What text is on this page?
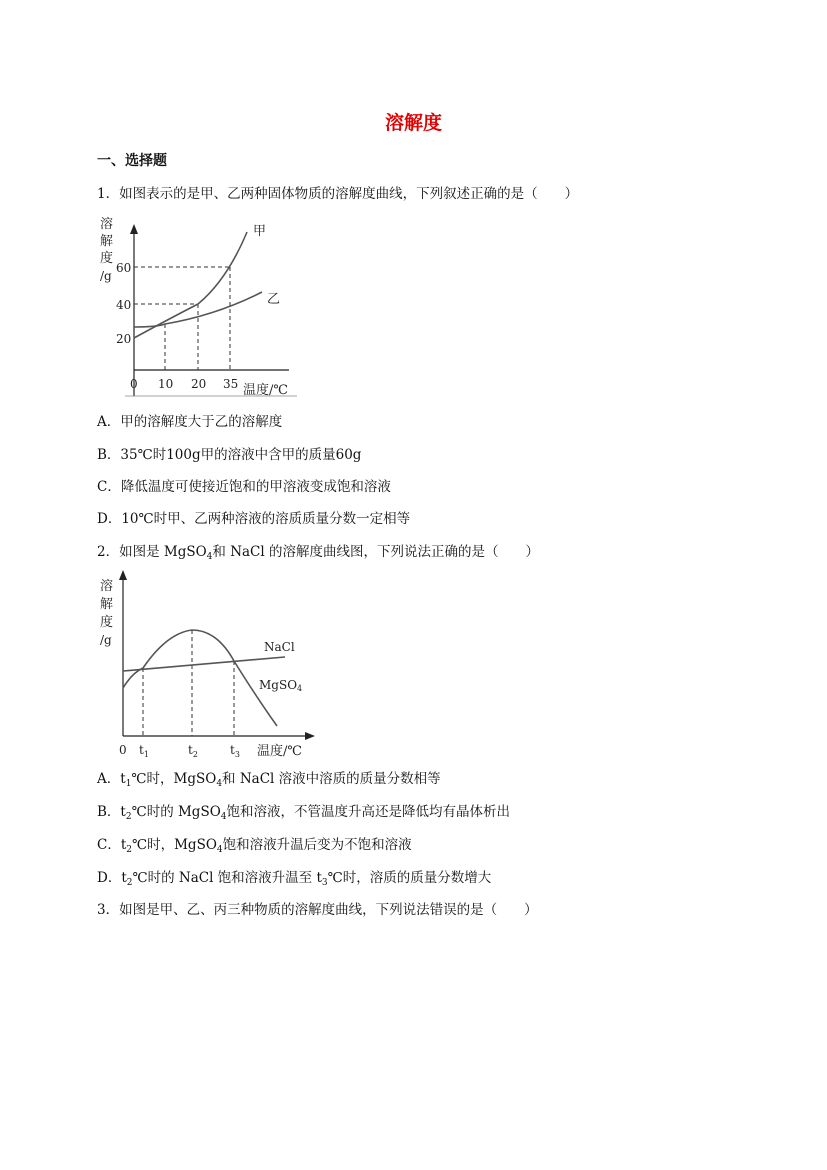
溶解度
一、选择题
1．如图表示的是甲、乙两种固体物质的溶解度曲线，下列叙述正确的是（　　）
溶
解
度
/g
60
40
20
0 10 20 35 温度/℃
甲
乙
A．甲的溶解度大于乙的溶解度
B．35℃时100g甲的溶液中含甲的质量60g
C．降低温度可使接近饱和的甲溶液变成饱和溶液
D．10℃时甲、乙两种溶液的溶质质量分数一定相等
2．如图是 MgSO$_4$和 NaCl 的溶解度曲线图，下列说法正确的是（　　）
溶
解
度
/g
0 $t_1$	$t_2$	$t_3$ 温度/℃
NaCl
MgSO4
A．$t_1℃$时，MgSO$_4$和 NaCl 溶液中溶质的质量分数相等
B．$t_2℃$时的 MgSO$_4$饱和溶液，不管温度升高还是降低均有晶体析出
C．$t_2℃$时，MgSO$_4$饱和溶液升温后变为不饱和溶液
D．$t_2℃$时的 NaCl 饱和溶液升温至 $t_3℃$时，溶质的质量分数增大
3．如图是甲、乙、丙三种物质的溶解度曲线，下列说法错误的是（　　）
